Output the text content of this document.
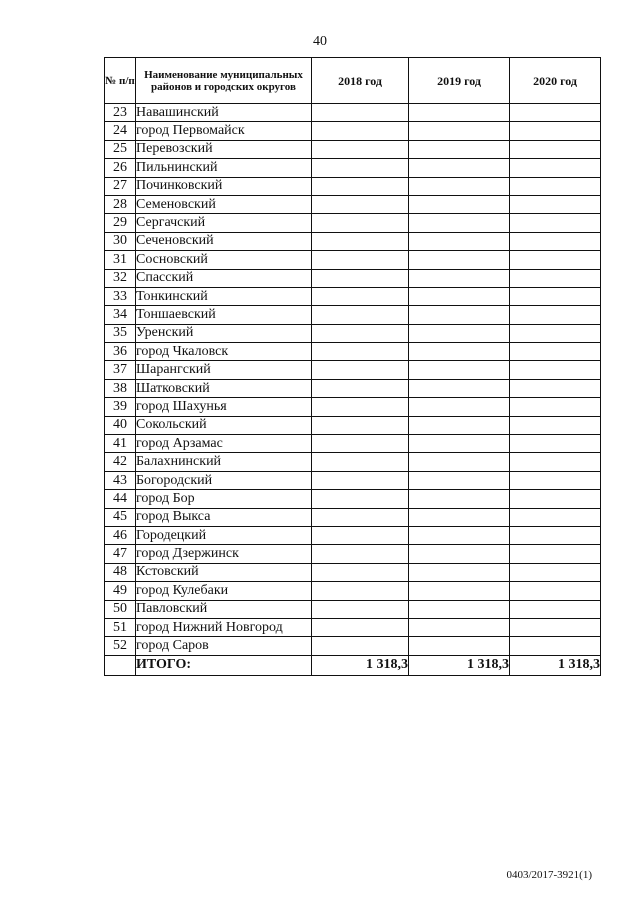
40
№ п/п	Наименование муниципальных районов и городских округов	2018 год	2019 год	2020 год
23	Навашинский			
24	город Первомайск			
25	Перевозский			
26	Пильнинский			
27	Починковский			
28	Семеновский			
29	Сергачский			
30	Сеченовский			
31	Сосновский			
32	Спасский			
33	Тонкинский			
34	Тоншаевский			
35	Уренский			
36	город Чкаловск			
37	Шарангский			
38	Шатковский			
39	город Шахунья			
40	Сокольский			
41	город Арзамас			
42	Балахнинский			
43	Богородский			
44	город Бор			
45	город Выкса			
46	Городецкий			
47	город Дзержинск			
48	Кстовский			
49	город Кулебаки			
50	Павловский			
51	город Нижний Новгород			
52	город Саров			
	ИТОГО:	1 318,3	1 318,3	1 318,3
0403/2017-3921(1)
